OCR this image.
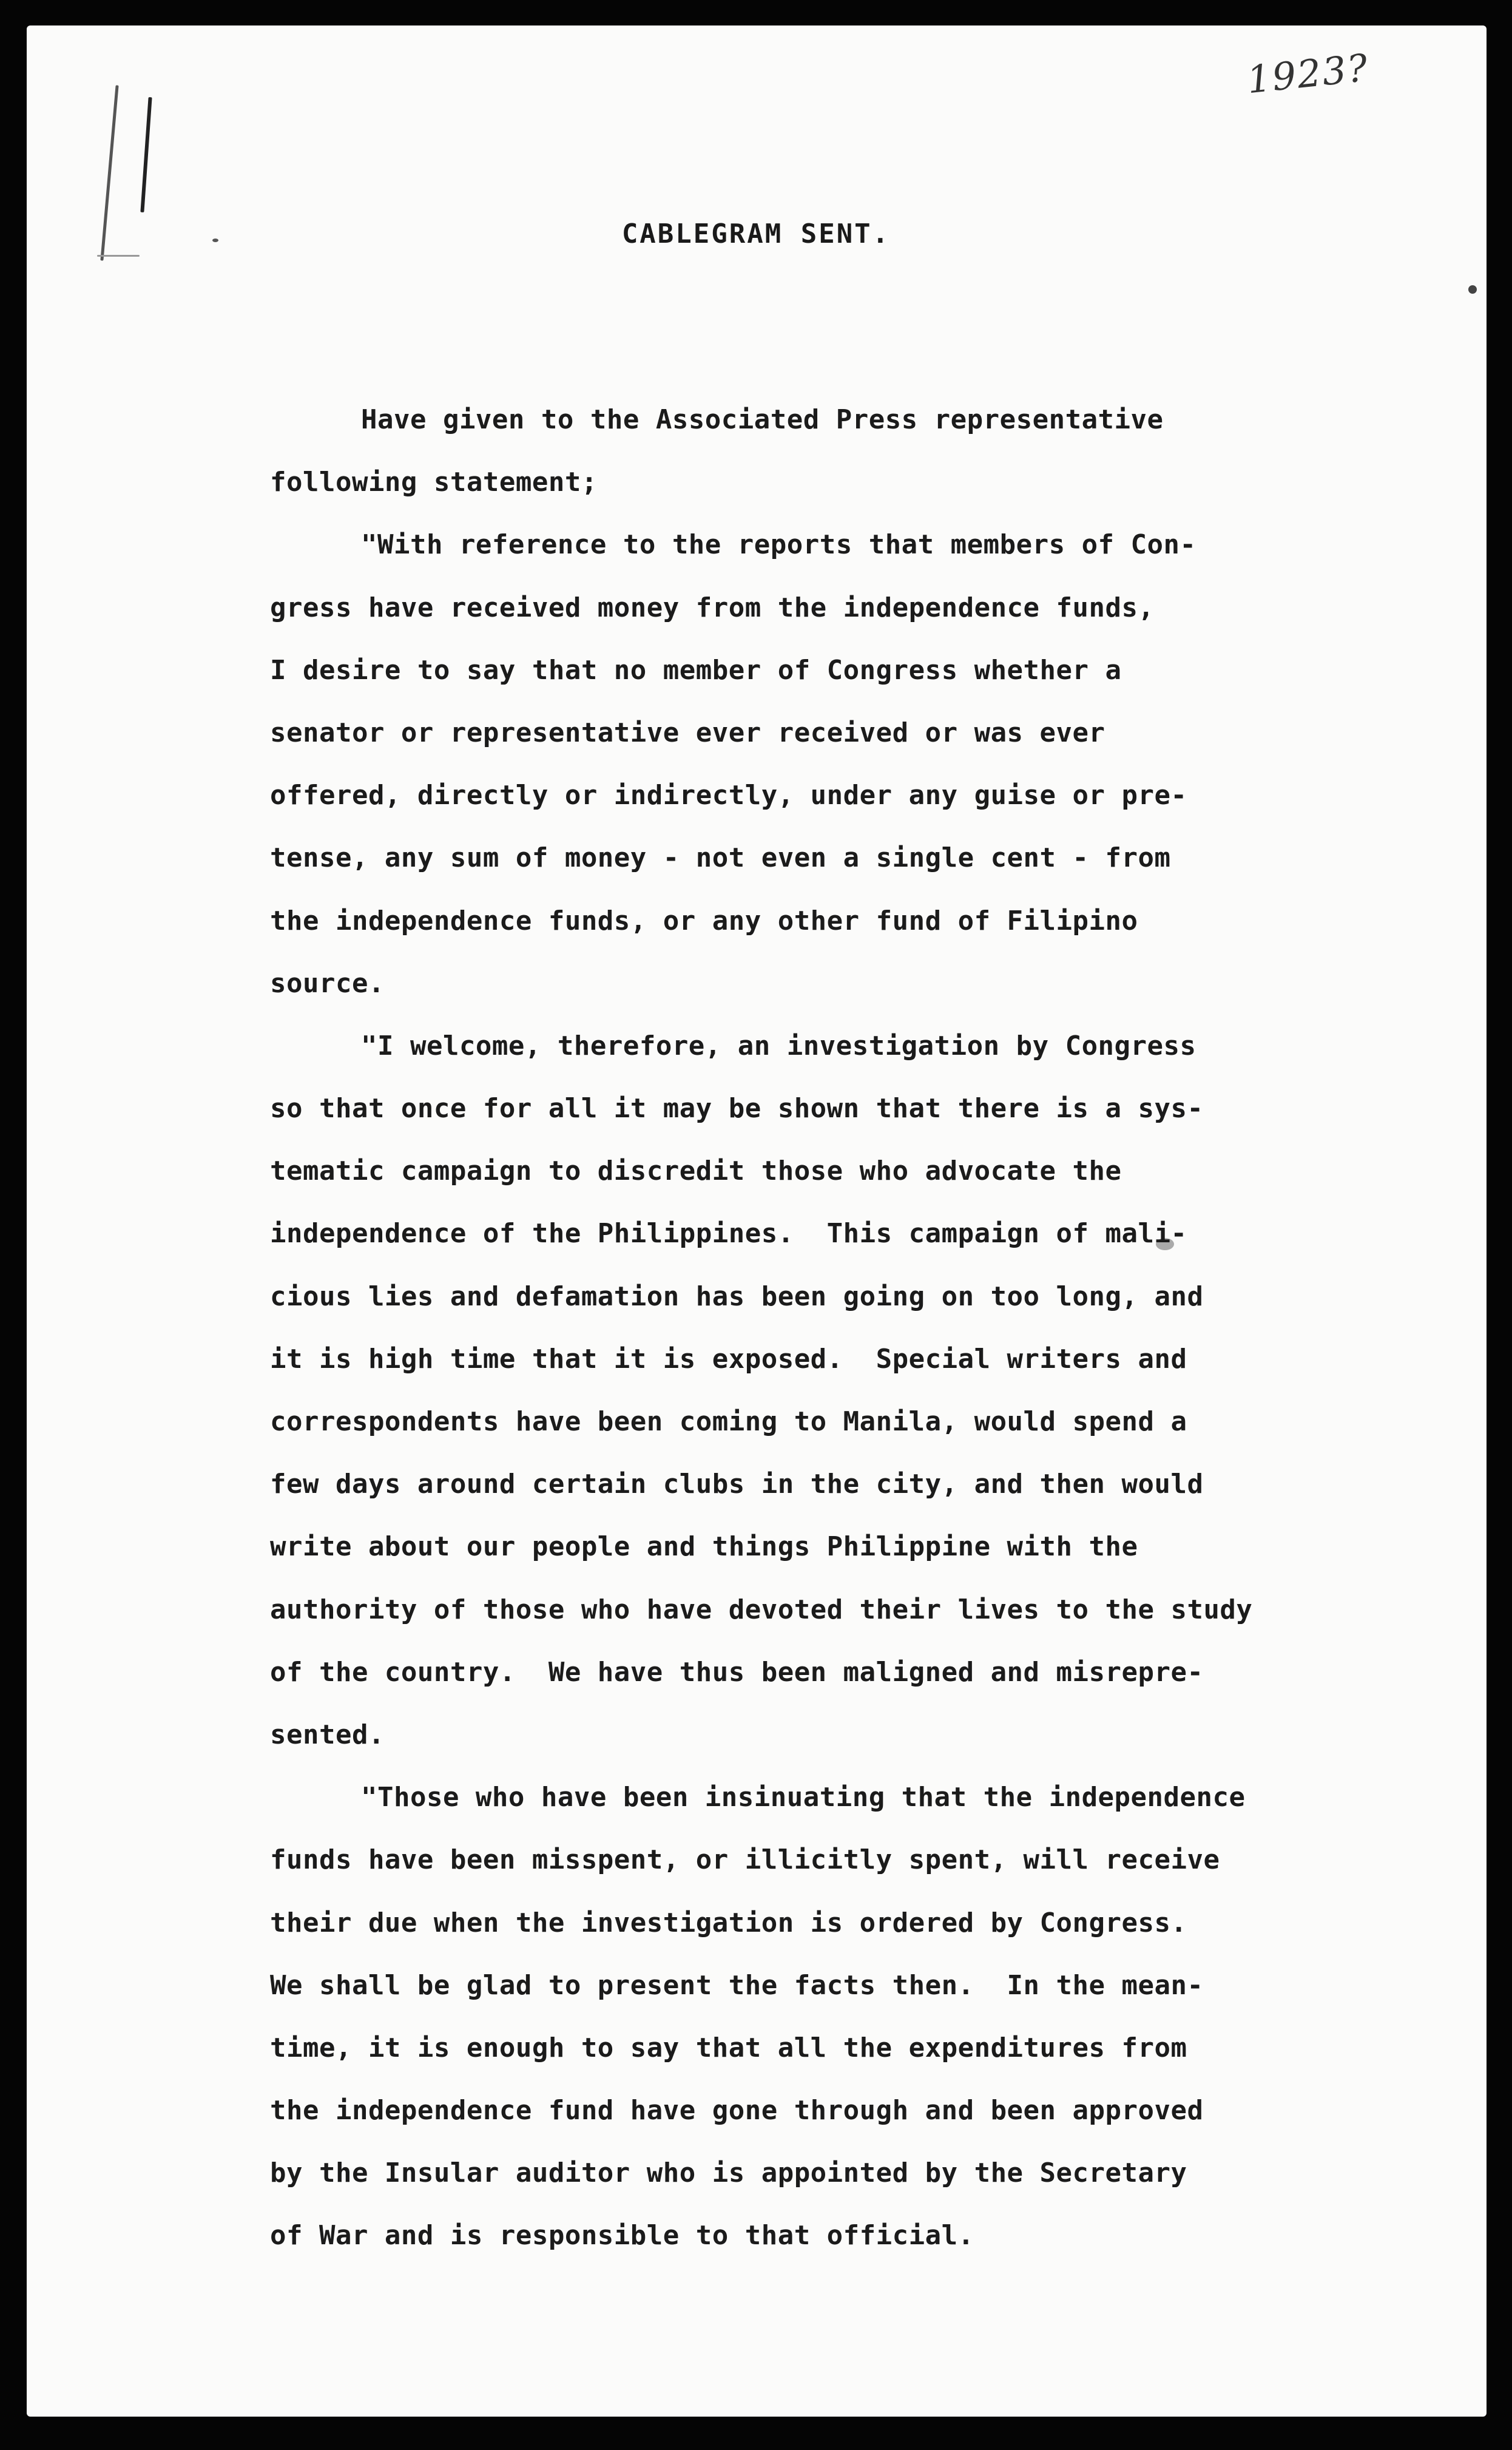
1923?
CABLEGRAM SENT.
Have given to the Associated Press representative
following statement;
"With reference to the reports that members of Con-
gress have received money from the independence funds,
I desire to say that no member of Congress whether a
senator or representative ever received or was ever
offered, directly or indirectly, under any guise or pre-
tense, any sum of money - not even a single cent - from
the independence funds, or any other fund of Filipino
source.
"I welcome, therefore, an investigation by Congress
so that once for all it may be shown that there is a sys-
tematic campaign to discredit those who advocate the
independence of the Philippines.  This campaign of mali-
cious lies and defamation has been going on too long, and
it is high time that it is exposed.  Special writers and
correspondents have been coming to Manila, would spend a
few days around certain clubs in the city, and then would
write about our people and things Philippine with the
authority of those who have devoted their lives to the study
of the country.  We have thus been maligned and misrepre-
sented.
"Those who have been insinuating that the independence
funds have been misspent, or illicitly spent, will receive
their due when the investigation is ordered by Congress.
We shall be glad to present the facts then.  In the mean-
time, it is enough to say that all the expenditures from
the independence fund have gone through and been approved
by the Insular auditor who is appointed by the Secretary
of War and is responsible to that official.
